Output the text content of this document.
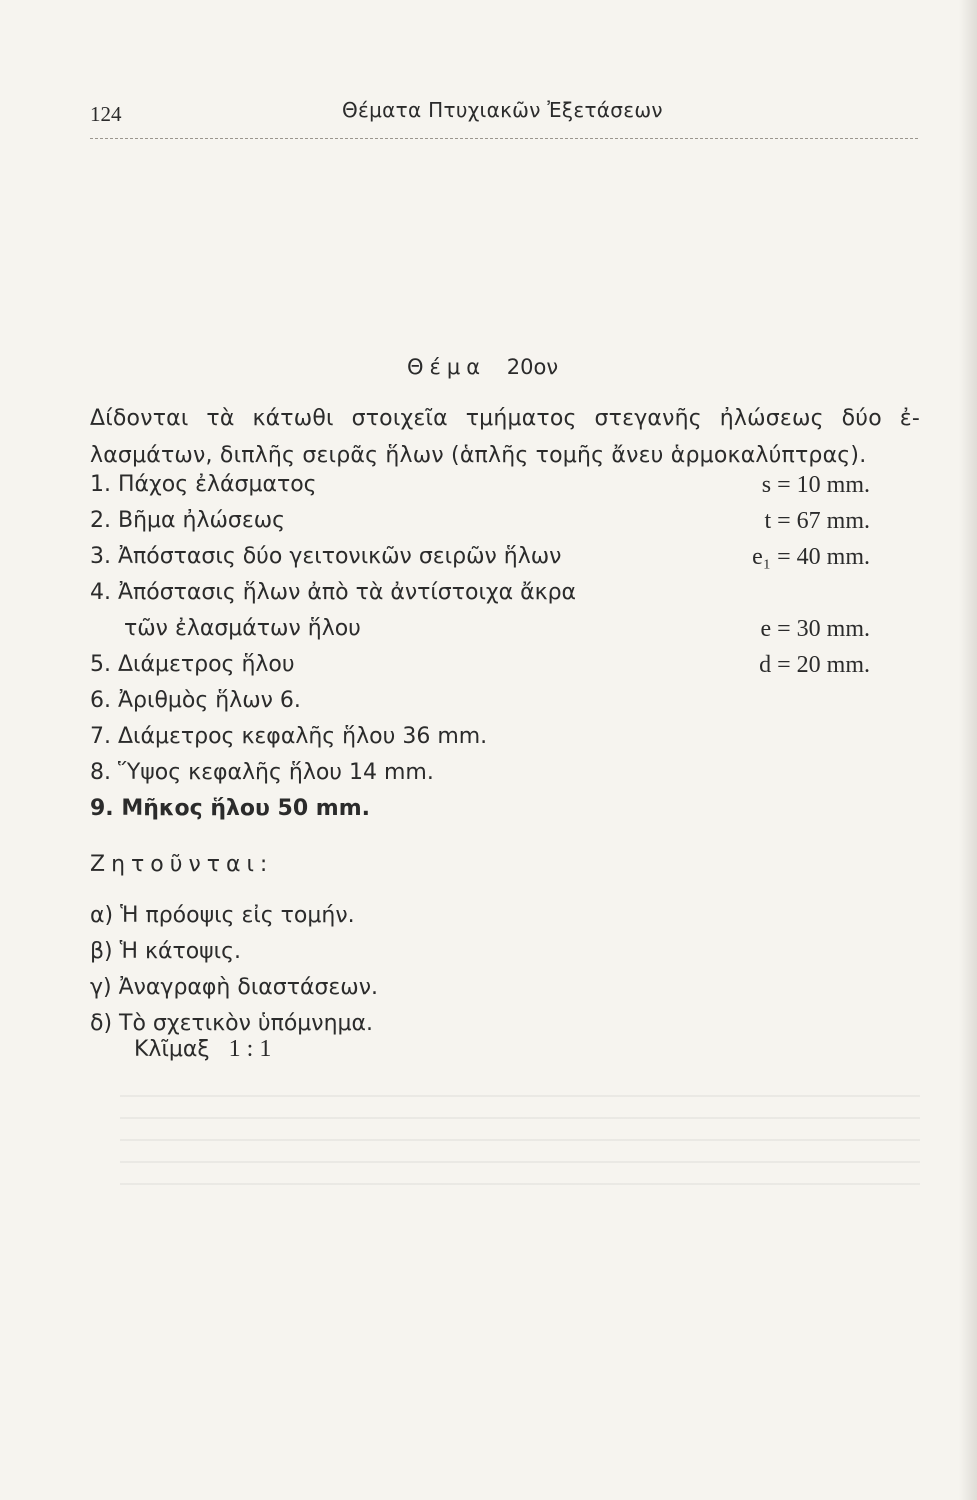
124	Θέματα Πτυχιακῶν Ἐξετάσεων
Θέμα 20ον
Δίδονται τὰ κάτωθι στοιχεῖα τμήματος στεγανῆς ἠλώσεως δύο ἐ-
λασμάτων, διπλῆς σειρᾶς ἥλων (ἁπλῆς τομῆς ἄνευ ἁρμοκαλύπτρας).
1. Πάχος ἐλάσματος	s = 10 mm.
2. Βῆμα ἠλώσεως	t = 67 mm.
3. Ἀπόστασις δύο γειτονικῶν σειρῶν ἥλων	e₁ = 40 mm.
4. Ἀπόστασις ἥλων ἀπὸ τὰ ἀντίστοιχα ἄκρα
τῶν ἐλασμάτων ἥλου	e = 30 mm.
5. Διάμετρος ἥλου	d = 20 mm.
6. Ἀριθμὸς ἥλων 6.
7. Διάμετρος κεφαλῆς ἥλου 36 mm.
8. Ὕψος κεφαλῆς ἥλου 14 mm.
9. Μῆκος ἥλου 50 mm.
Ζητοῦνται:
α) Ἡ πρόοψις εἰς τομήν.
β) Ἡ κάτοψις.
γ) Ἀναγραφὴ διαστάσεων.
δ) Τὸ σχετικὸν ὑπόμνημα.
Κλῖμαξ 1 : 1
